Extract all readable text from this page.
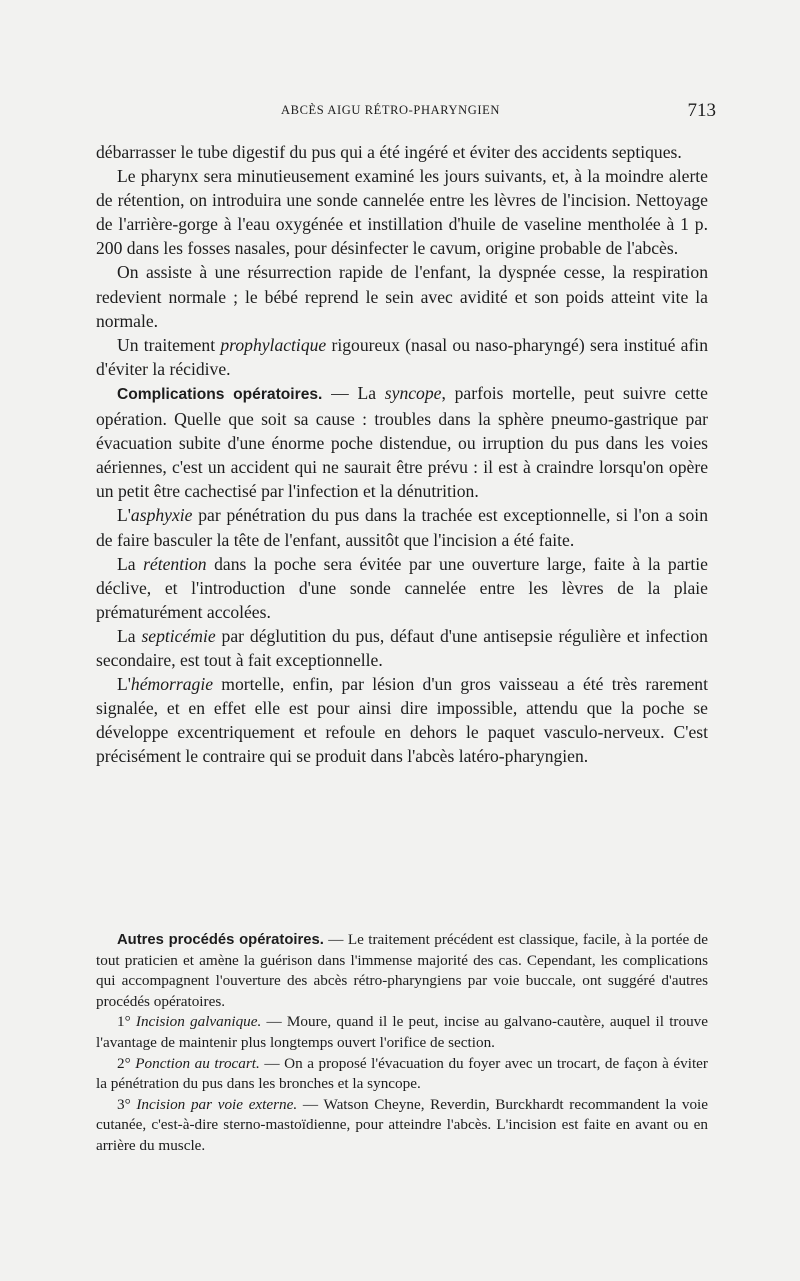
ABCÈS AIGU RÉTRO-PHARYNGIEN	713

débarrasser le tube digestif du pus qui a été ingéré et éviter des accidents septiques.

Le pharynx sera minutieusement examiné les jours suivants, et, à la moindre alerte de rétention, on introduira une sonde cannelée entre les lèvres de l'incision. Nettoyage de l'arrière-gorge à l'eau oxygénée et instillation d'huile de vaseline mentholée à 1 p. 200 dans les fosses nasales, pour désinfecter le cavum, origine probable de l'abcès.

On assiste à une résurrection rapide de l'enfant, la dyspnée cesse, la respiration redevient normale ; le bébé reprend le sein avec avidité et son poids atteint vite la normale.

Un traitement prophylactique rigoureux (nasal ou naso-pharyngé) sera institué afin d'éviter la récidive.

Complications opératoires. — La syncope, parfois mortelle, peut suivre cette opération. Quelle que soit sa cause : troubles dans la sphère pneumo-gastrique par évacuation subite d'une énorme poche distendue, ou irruption du pus dans les voies aériennes, c'est un accident qui ne saurait être prévu : il est à craindre lorsqu'on opère un petit être cachectisé par l'infection et la dénutrition.

L'asphyxie par pénétration du pus dans la trachée est exceptionnelle, si l'on a soin de faire basculer la tête de l'enfant, aussitôt que l'incision a été faite.

La rétention dans la poche sera évitée par une ouverture large, faite à la partie déclive, et l'introduction d'une sonde cannelée entre les lèvres de la plaie prématurément accolées.

La septicémie par déglutition du pus, défaut d'une antisepsie régulière et infection secondaire, est tout à fait exceptionnelle.

L'hémorragie mortelle, enfin, par lésion d'un gros vaisseau a été très rarement signalée, et en effet elle est pour ainsi dire impossible, attendu que la poche se développe excentriquement et refoule en dehors le paquet vasculo-nerveux. C'est précisément le contraire qui se produit dans l'abcès latéro-pharyngien.

Autres procédés opératoires. — Le traitement précédent est classique, facile, à la portée de tout praticien et amène la guérison dans l'immense majorité des cas. Cependant, les complications qui accompagnent l'ouverture des abcès rétro-pharyngiens par voie buccale, ont suggéré d'autres procédés opératoires.

1° Incision galvanique. — Moure, quand il le peut, incise au galvano-cautère, auquel il trouve l'avantage de maintenir plus longtemps ouvert l'orifice de section.

2° Ponction au trocart. — On a proposé l'évacuation du foyer avec un trocart, de façon à éviter la pénétration du pus dans les bronches et la syncope.

3° Incision par voie externe. — Watson Cheyne, Reverdin, Burckhardt recommandent la voie cutanée, c'est-à-dire sterno-mastoïdienne, pour atteindre l'abcès. L'incision est faite en avant ou en arrière du muscle.
